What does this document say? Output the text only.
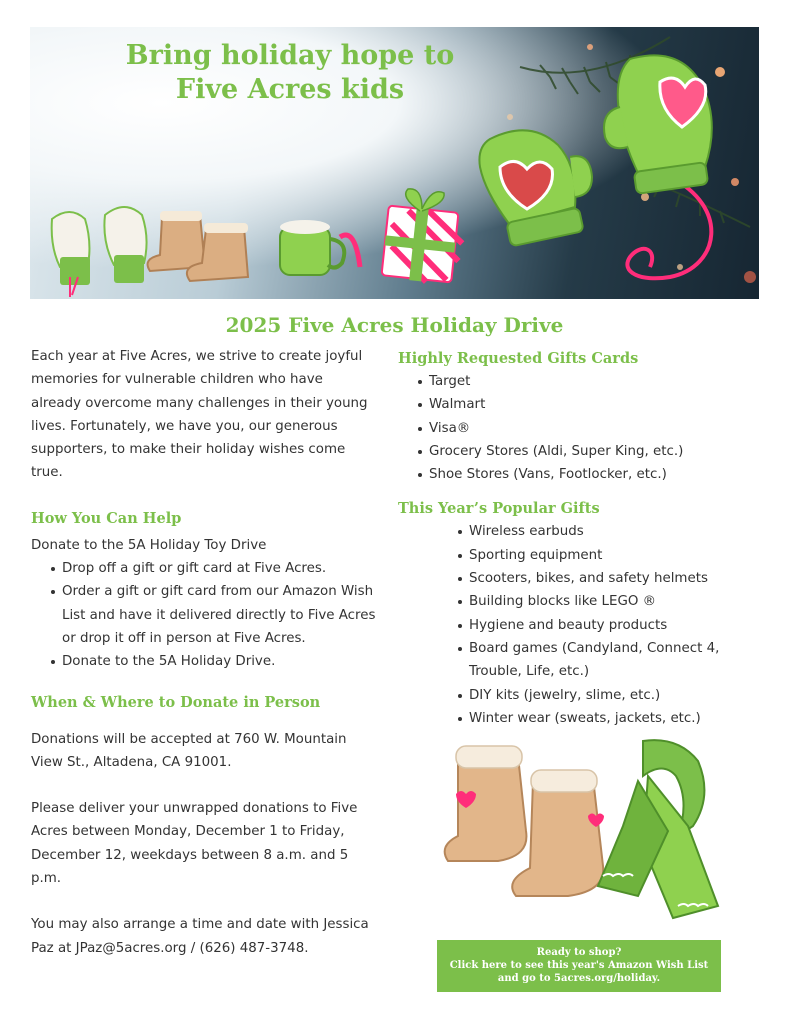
Bring holiday hope to
Five Acres kids
2025 Five Acres Holiday Drive

Each year at Five Acres, we strive to create joyful memories for vulnerable children who have already overcome many challenges in their young lives. Fortunately, we have you, our generous supporters, to make their holiday wishes come true.

How You Can Help

Donate to the 5A Holiday Toy Drive

Drop off a gift or gift card at Five Acres.
Order a gift or gift card from our Amazon Wish List and have it delivered directly to Five Acres or drop it off in person at Five Acres.
Donate to the 5A Holiday Drive.
When & Where to Donate in Person

Donations will be accepted at 760 W. Mountain View St., Altadena, CA 91001.

Please deliver your unwrapped donations to Five Acres between Monday, December 1 to Friday, December 12, weekdays between 8 a.m. and 5 p.m.

You may also arrange a time and date with Jessica Paz at JPaz@5acres.org / (626) 487-3748.

Highly Requested Gifts Cards
Target
Walmart
Visa®
Grocery Stores (Aldi, Super King, etc.)
Shoe Stores (Vans, Footlocker, etc.)
This Year’s Popular Gifts
Wireless earbuds
Sporting equipment
Scooters, bikes, and safety helmets
Building blocks like LEGO ®
Hygiene and beauty products
Board games (Candyland, Connect 4, Trouble, Life, etc.)
DIY kits (jewelry, slime, etc.)
Winter wear (sweats, jackets, etc.)
Ready to shop?
Click here to see this year's Amazon Wish List
and go to 5acres.org/holiday.
